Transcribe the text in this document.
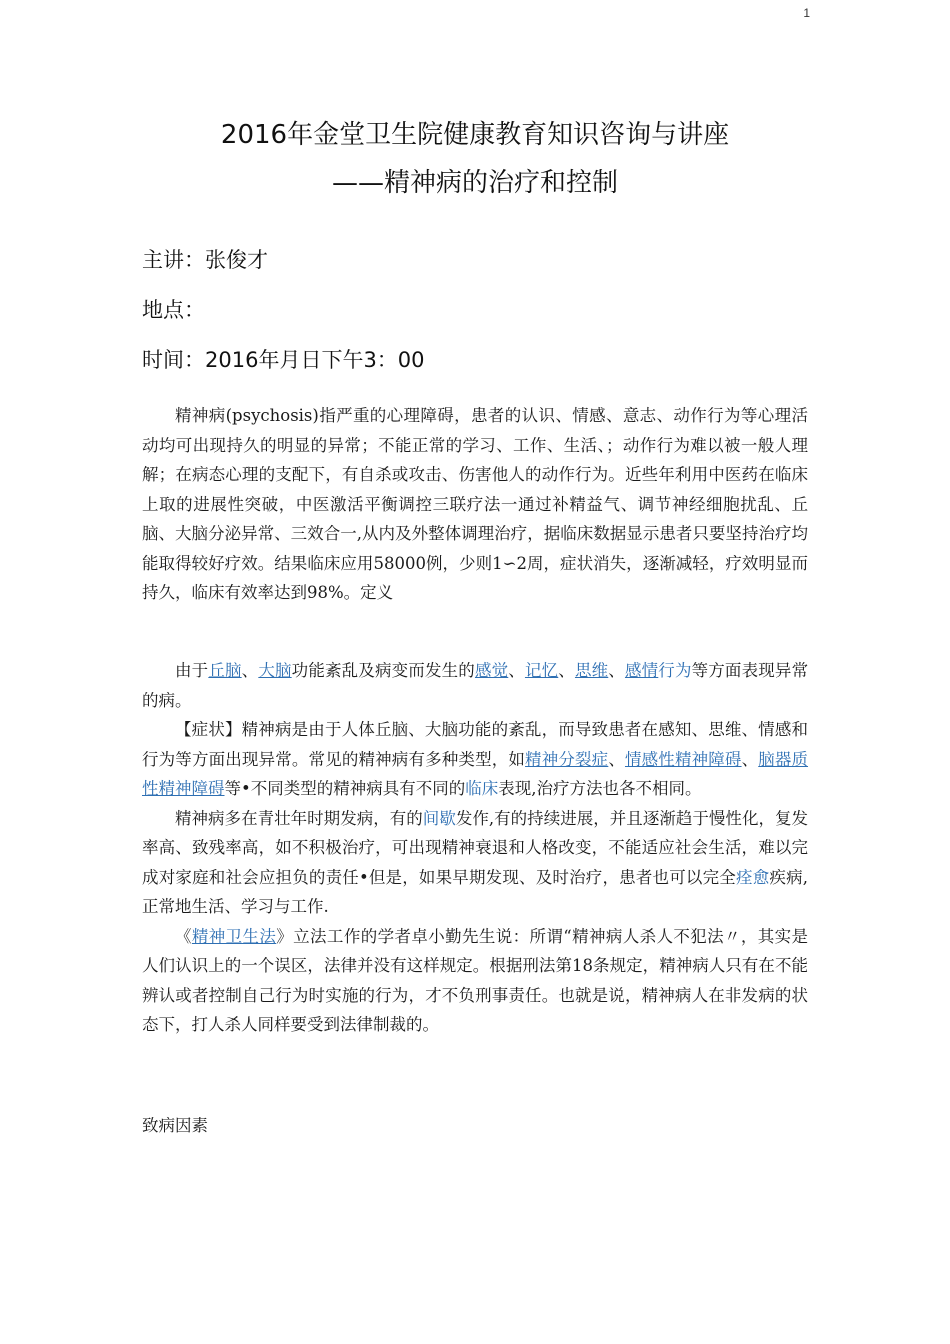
1
2016年金堂卫生院健康教育知识咨询与讲座
——精神病的治疗和控制
主讲：张俊才
地点：
时间：2016年月日下午3：00

精神病(psychosis)指严重的心理障碍，患者的认识、情感、意志、动作行为等心理活动均可出现持久的明显的异常；不能正常的学习、工作、生活、；动作行为难以被一般人理解；在病态心理的支配下，有自杀或攻击、伤害他人的动作行为。近些年利用中医药在临床上取的进展性突破，中医激活平衡调控三联疗法一通过补精益气、调节神经细胞扰乱、丘脑、大脑分泌异常、三效合一,从内及外整体调理治疗，据临床数据显示患者只要坚持治疗均能取得较好疗效。结果临床应用58000例，少则1∽2周，症状消失，逐渐减轻，疗效明显而持久，临床有效率达到98%。定义

由于丘脑、大脑功能紊乱及病变而发生的感觉、记忆、思维、感情行为等方面表现异常的病。

【症状】精神病是由于人体丘脑、大脑功能的紊乱，而导致患者在感知、思维、情感和行为等方面出现异常。常见的精神病有多种类型，如精神分裂症、情感性精神障碍、脑器质性精神障碍等•不同类型的精神病具有不同的临床表现,治疗方法也各不相同。

精神病多在青壮年时期发病，有的间歇发作,有的持续进展，并且逐渐趋于慢性化，复发率高、致残率高，如不积极治疗，可出现精神衰退和人格改变，不能适应社会生活，难以完成对家庭和社会应担负的责任•但是，如果早期发现、及时治疗，患者也可以完全痊愈疾病,正常地生活、学习与工作.

《精神卫生法》立法工作的学者卓小勤先生说：所谓“精神病人杀人不犯法〃，其实是人们认识上的一个误区，法律并没有这样规定。根据刑法第18条规定，精神病人只有在不能辨认或者控制自己行为时实施的行为，才不负刑事责任。也就是说，精神病人在非发病的状态下，打人杀人同样要受到法律制裁的。

致病因素
